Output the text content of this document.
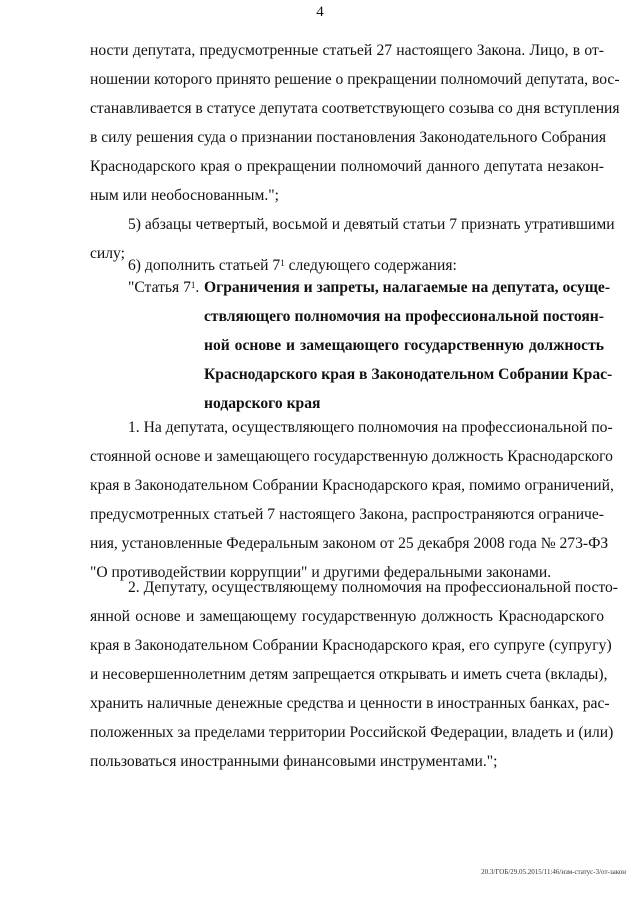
4
ности депутата, предусмотренные статьей 27 настоящего Закона. Лицо, в от-
ношении которого принято решение о прекращении полномочий депутата, вос-
станавливается в статусе депутата соответствующего созыва со дня вступления
в силу решения суда о признании постановления Законодательного Собрания
Краснодарского края о прекращении полномочий данного депутата незакон-
ным или необоснованным.";
5) абзацы четвертый, восьмой и девятый статьи 7 признать утратившими
силу;
6) дополнить статьей $7^1$ следующего содержания:
"Статья $7^1$. Ограничения и запреты, налагаемые на депутата, осуще-
ствляющего полномочия на профессиональной постоян-
ной основе и замещающего государственную должность
Краснодарского края в Законодательном Собрании Крас-
нодарского края
1. На депутата, осуществляющего полномочия на профессиональной по-
стоянной основе и замещающего государственную должность Краснодарского
края в Законодательном Собрании Краснодарского края, помимо ограничений,
предусмотренных статьей 7 настоящего Закона, распространяются ограниче-
ния, установленные Федеральным законом от 25 декабря 2008 года № 273-ФЗ
"О противодействии коррупции" и другими федеральными законами.
2. Депутату, осуществляющему полномочия на профессиональной посто-
янной основе и замещающему государственную должность Краснодарского
края в Законодательном Собрании Краснодарского края, его супруге (супругу)
и несовершеннолетним детям запрещается открывать и иметь счета (вклады),
хранить наличные денежные средства и ценности в иностранных банках, рас-
положенных за пределами территории Российской Федерации, владеть и (или)
пользоваться иностранными финансовыми инструментами.";
20.3/ГОБ/29.05.2015/11:46/изм-статус-3/от-закон
